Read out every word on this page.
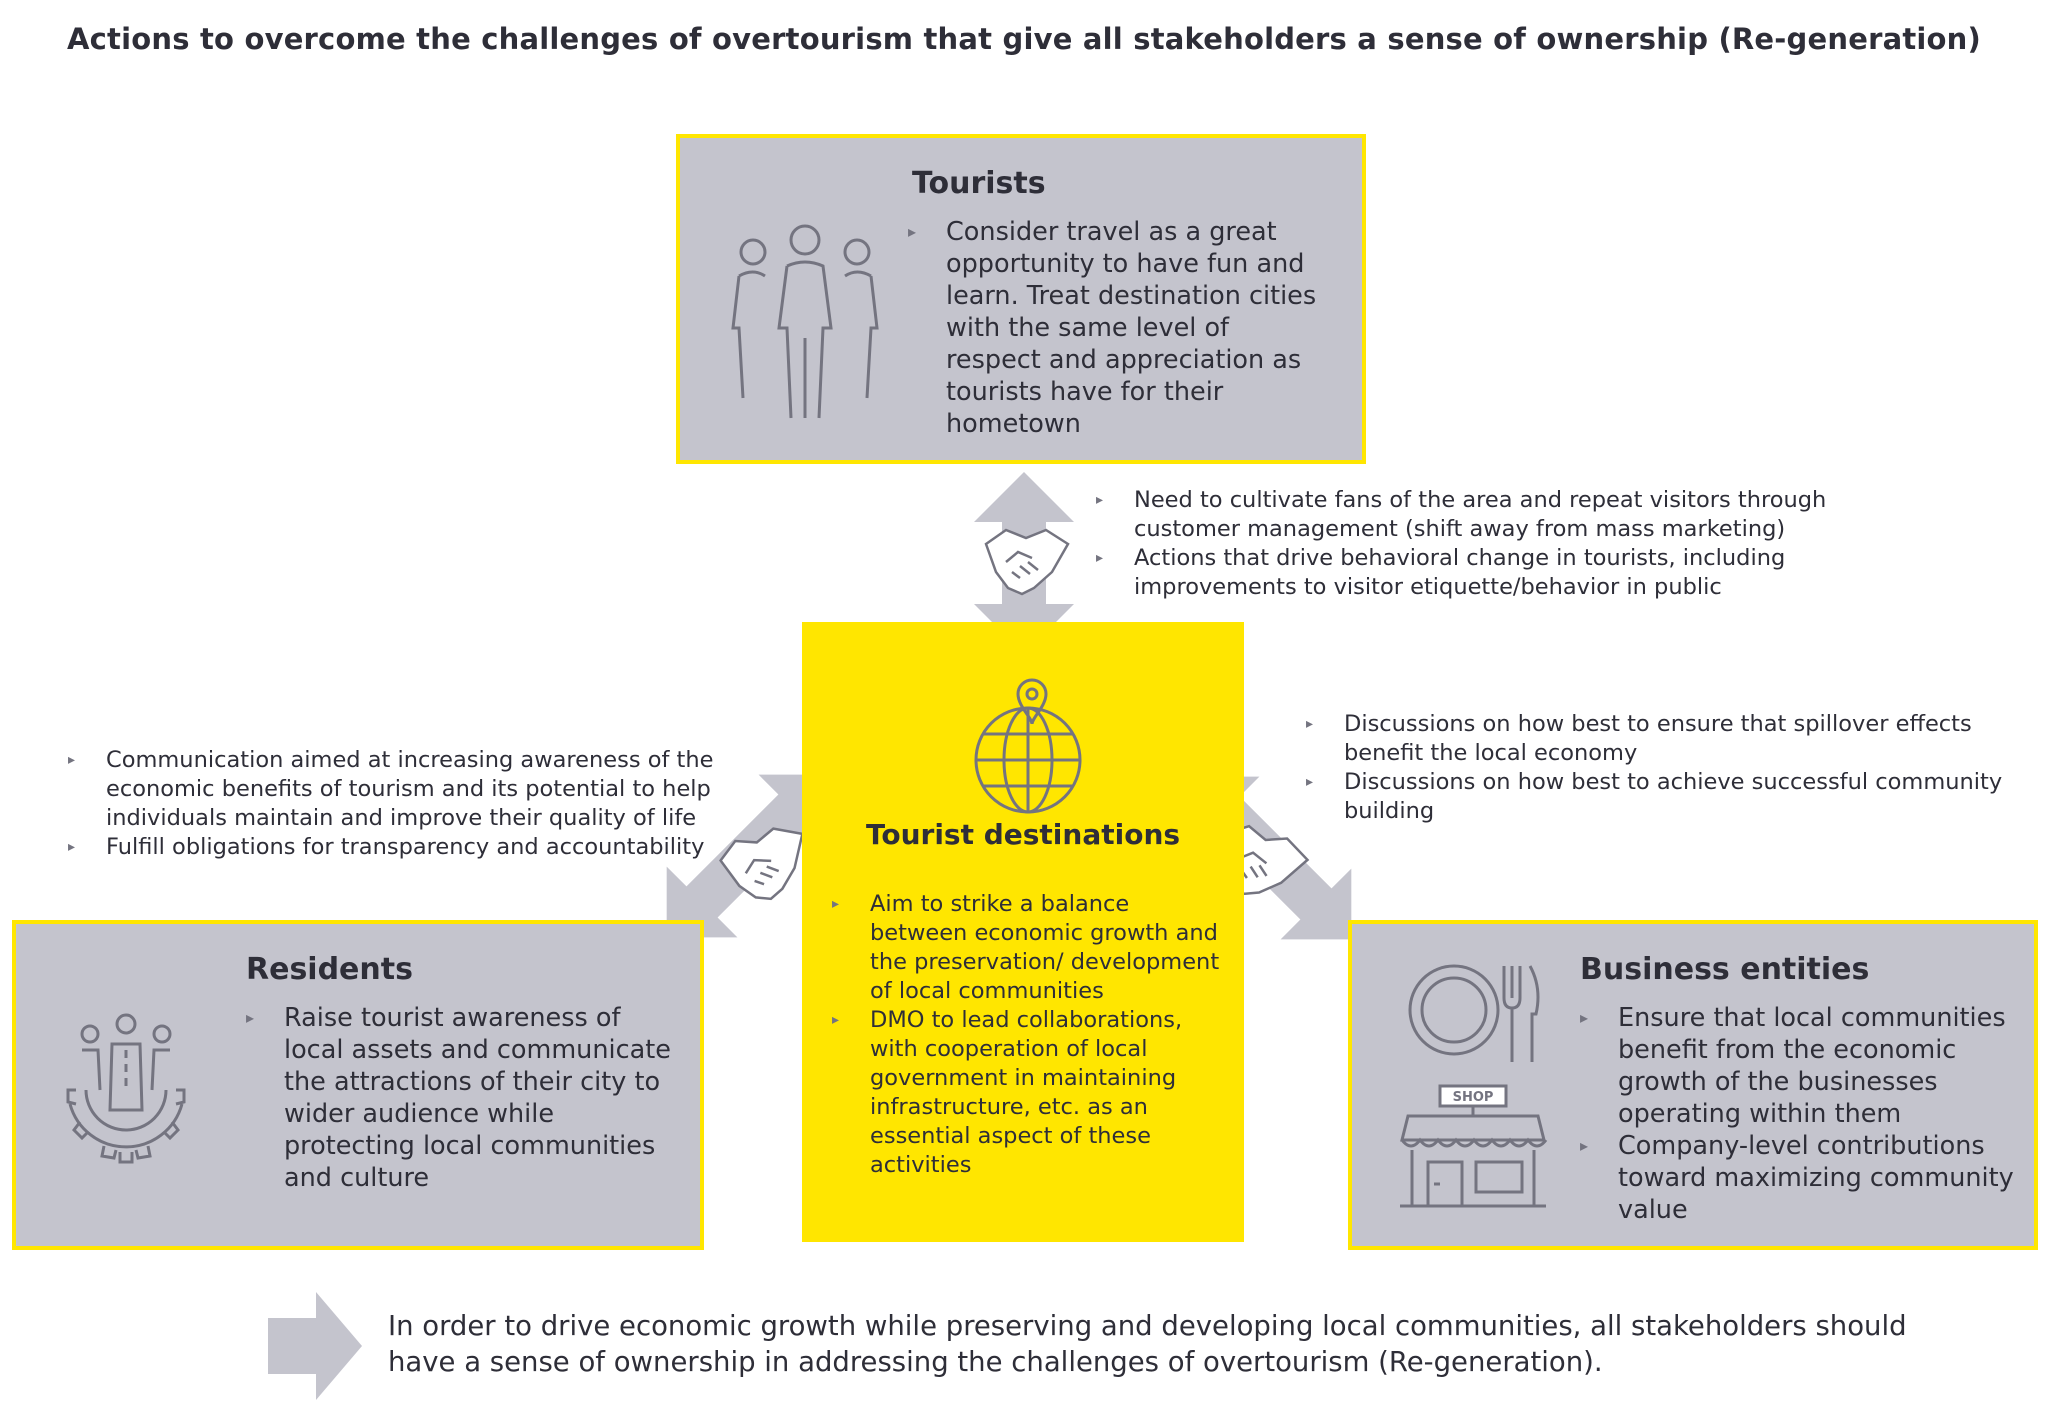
Actions to overcome the challenges of overtourism that give all stakeholders a sense of ownership (Re-generation)
Tourists
▸ Consider travel as a great opportunity to have fun and learn. Treat destination cities with the same level of respect and appreciation as tourists have for their hometown
▸ Need to cultivate fans of the area and repeat visitors through customer management (shift away from mass marketing)
▸ Actions that drive behavioral change in tourists, including improvements to visitor etiquette/behavior in public
▸ Communication aimed at increasing awareness of the economic benefits of tourism and its potential to help individuals maintain and improve their quality of life
▸ Fulfill obligations for transparency and accountability
▸ Discussions on how best to ensure that spillover effects benefit the local economy
▸ Discussions on how best to achieve successful community building
Tourist destinations
▸ Aim to strike a balance between economic growth and the preservation/ development of local communities
▸ DMO to lead collaborations, with cooperation of local government in maintaining infrastructure, etc. as an essential aspect of these activities
Residents
▸ Raise tourist awareness of local assets and communicate the attractions of their city to wider audience while protecting local communities and culture
Business entities
SHOP
▸ Ensure that local communities benefit from the economic growth of the businesses operating within them
▸ Company-level contributions toward maximizing community value
In order to drive economic growth while preserving and developing local communities, all stakeholders should have a sense of ownership in addressing the challenges of overtourism (Re-generation).
